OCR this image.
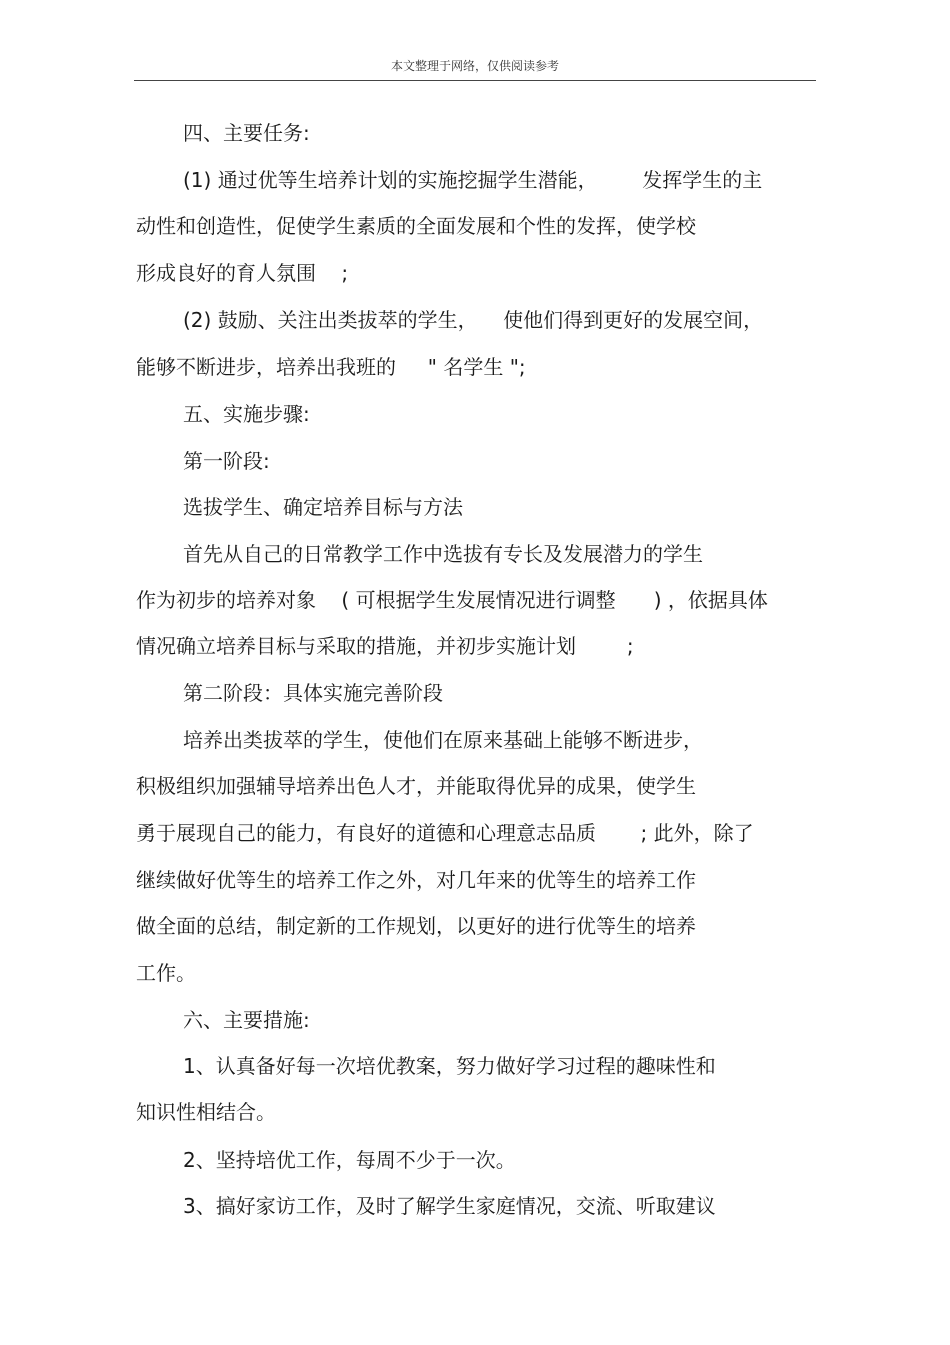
本文整理于网络，仅供阅读参考
四、主要任务:
(1) 通过优等生培养计划的实施挖掘学生潜能，       发挥学生的主
动性和创造性，促使学生素质的全面发展和个性的发挥，使学校
形成良好的育人氛围    ;
(2) 鼓励、关注出类拔萃的学生，    使他们得到更好的发展空间，
能够不断进步，培养出我班的     " 名学生 ";
五、实施步骤:
第一阶段:
选拔学生、确定培养目标与方法
首先从自己的日常教学工作中选拔有专长及发展潜力的学生
作为初步的培养对象    ( 可根据学生发展情况进行调整      ) ，依据具体
情况确立培养目标与采取的措施，并初步实施计划        ;
第二阶段：具体实施完善阶段
培养出类拔萃的学生，使他们在原来基础上能够不断进步，
积极组织加强辅导培养出色人才，并能取得优异的成果，使学生
勇于展现自己的能力，有良好的道德和心理意志品质       ; 此外，除了
继续做好优等生的培养工作之外，对几年来的优等生的培养工作
做全面的总结，制定新的工作规划，以更好的进行优等生的培养
工作。
六、主要措施:
1、认真备好每一次培优教案，努力做好学习过程的趣味性和
知识性相结合。
2、坚持培优工作，每周不少于一次。
3、搞好家访工作，及时了解学生家庭情况，交流、听取建议
